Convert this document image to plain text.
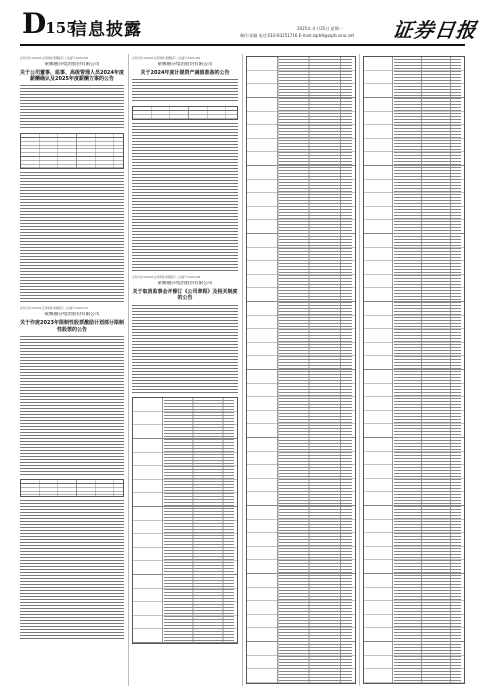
D155
信息披露	2025年 4 月25日 星期一
制作:张颖 电话:010-83251716 E-mail:zqrb9@zqrb.sina.net 证券日报
证券代码:002918 证券简称:蒙娜丽莎 公告编号:2025-035
蒙娜丽莎集团股份有限公司
关于公司董事、监事、高级管理人员2024年度薪酬确认及2025年度薪酬方案的公告
证券代码:002918 证券简称:蒙娜丽莎 公告编号:2025-037
蒙娜丽莎集团股份有限公司
关于作废2023年限制性股票激励计划部分限制性股票的公告
证券代码:002918 证券简称:蒙娜丽莎 公告编号:2025-036
蒙娜丽莎集团股份有限公司
关于2024年度计提资产减值准备的公告
证券代码:002918 证券简称:蒙娜丽莎 公告编号:2025-038
蒙娜丽莎集团股份有限公司
关于取消监事会并修订《公司章程》及相关制度的公告
